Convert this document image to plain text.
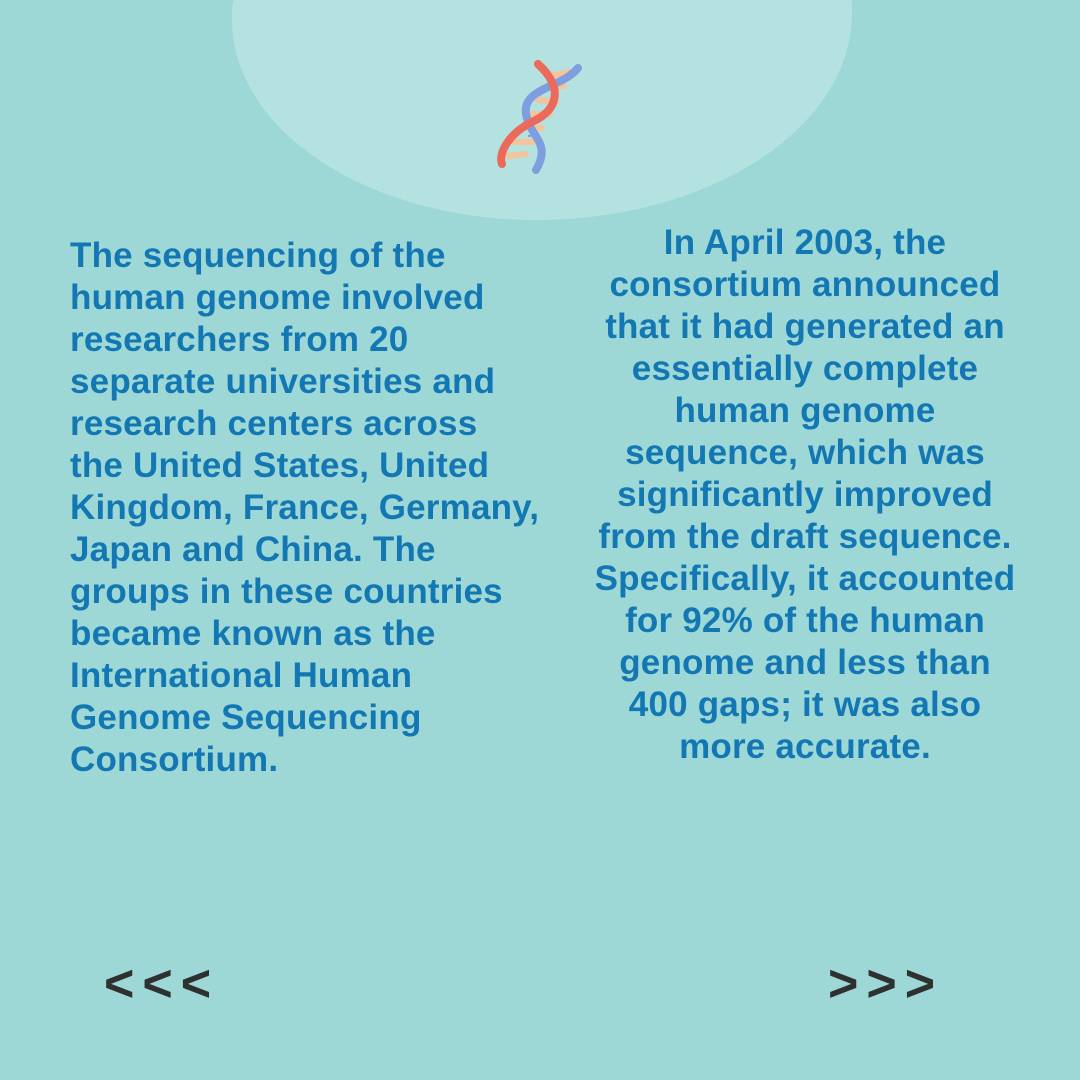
The sequencing of the human genome involved researchers from 20 separate universities and research centers across the United States, United Kingdom, France, Germany, Japan and China. The groups in these countries became known as the International Human Genome Sequencing Consortium.
In April 2003, the consortium announced that it had generated an essentially complete human genome sequence, which was significantly improved from the draft sequence. Specifically, it accounted for 92% of the human genome and less than 400 gaps; it was also more accurate.
<<<	>>>
